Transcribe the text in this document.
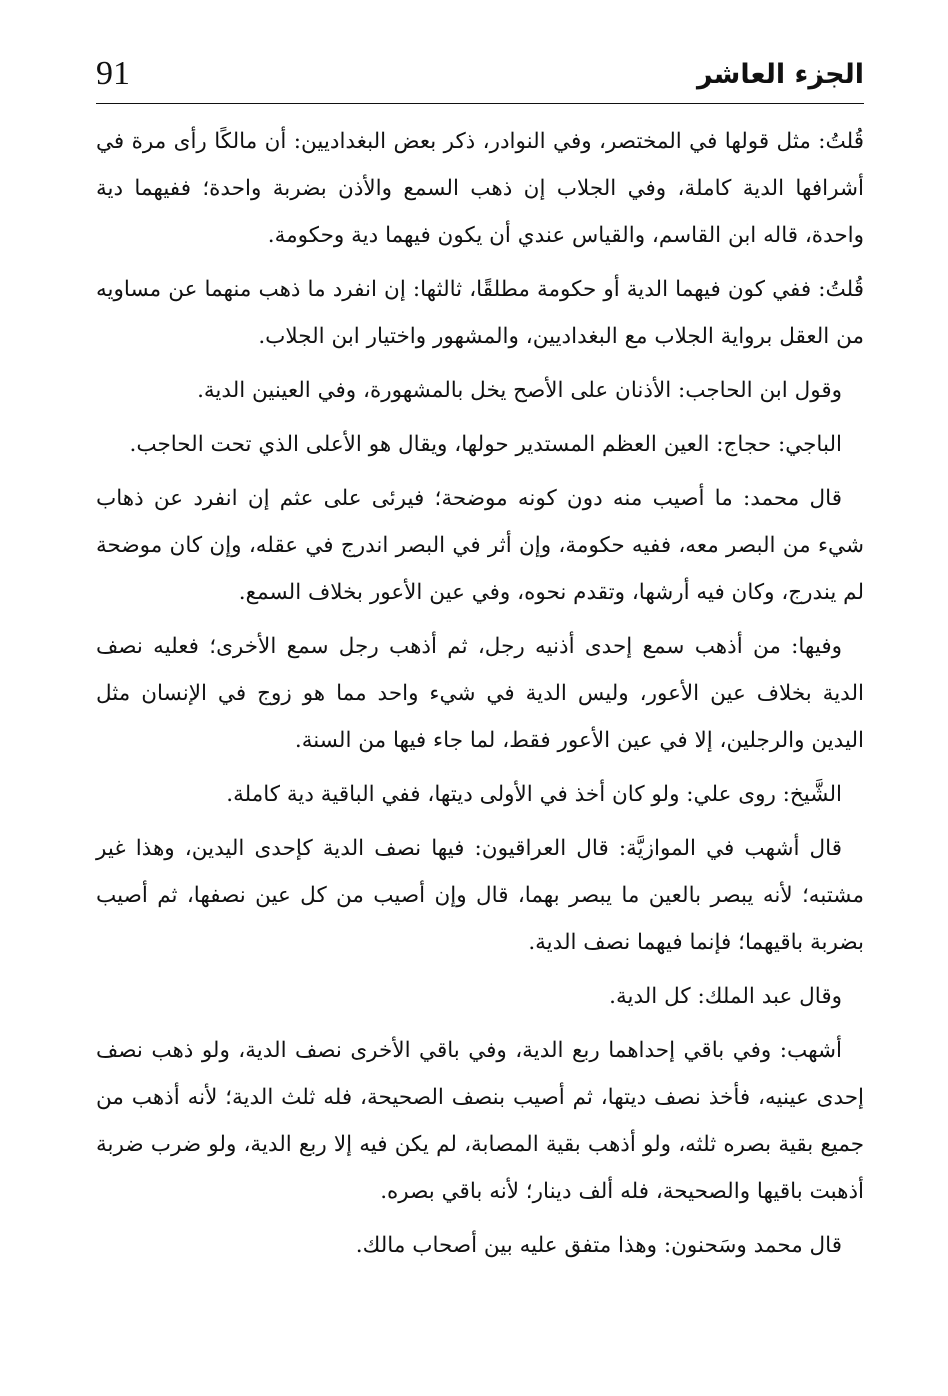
91	الجزء العاشر

قُلتُ: مثل قولها في المختصر، وفي النوادر، ذكر بعض البغداديين: أن مالكًا رأى مرة في أشرافها الدية كاملة، وفي الجلاب إن ذهب السمع والأذن بضربة واحدة؛ ففيهما دية واحدة، قاله ابن القاسم، والقياس عندي أن يكون فيهما دية وحكومة.

قُلتُ: ففي كون فيهما الدية أو حكومة مطلقًا، ثالثها: إن انفرد ما ذهب منهما عن مساويه من العقل برواية الجلاب مع البغداديين، والمشهور واختيار ابن الجلاب.

وقول ابن الحاجب: الأذنان على الأصح يخل بالمشهورة، وفي العينين الدية.

الباجي: حجاج: العين العظم المستدير حولها، ويقال هو الأعلى الذي تحت الحاجب.

قال محمد: ما أصيب منه دون كونه موضحة؛ فيرئى على عثم إن انفرد عن ذهاب شيء من البصر معه، ففيه حكومة، وإن أثر في البصر اندرج في عقله، وإن كان موضحة لم يندرج، وكان فيه أرشها، وتقدم نحوه، وفي عين الأعور بخلاف السمع.

وفيها: من أذهب سمع إحدى أذنيه رجل، ثم أذهب رجل سمع الأخرى؛ فعليه نصف الدية بخلاف عين الأعور، وليس الدية في شيء واحد مما هو زوج في الإنسان مثل اليدين والرجلين، إلا في عين الأعور فقط، لما جاء فيها من السنة.

الشَّيخ: روى علي: ولو كان أخذ في الأولى ديتها، ففي الباقية دية كاملة.

قال أشهب في الموازيَّة: قال العراقيون: فيها نصف الدية كإحدى اليدين، وهذا غير مشتبه؛ لأنه يبصر بالعين ما يبصر بهما، قال وإن أصيب من كل عين نصفها، ثم أصيب بضربة باقيهما؛ فإنما فيهما نصف الدية.

وقال عبد الملك: كل الدية.

أشهب: وفي باقي إحداهما ربع الدية، وفي باقي الأخرى نصف الدية، ولو ذهب نصف إحدى عينيه، فأخذ نصف ديتها، ثم أصيب بنصف الصحيحة، فله ثلث الدية؛ لأنه أذهب من جميع بقية بصره ثلثه، ولو أذهب بقية المصابة، لم يكن فيه إلا ربع الدية، ولو ضرب ضربة أذهبت باقيها والصحيحة، فله ألف دينار؛ لأنه باقي بصره.

قال محمد وسَحنون: وهذا متفق عليه بين أصحاب مالك.
